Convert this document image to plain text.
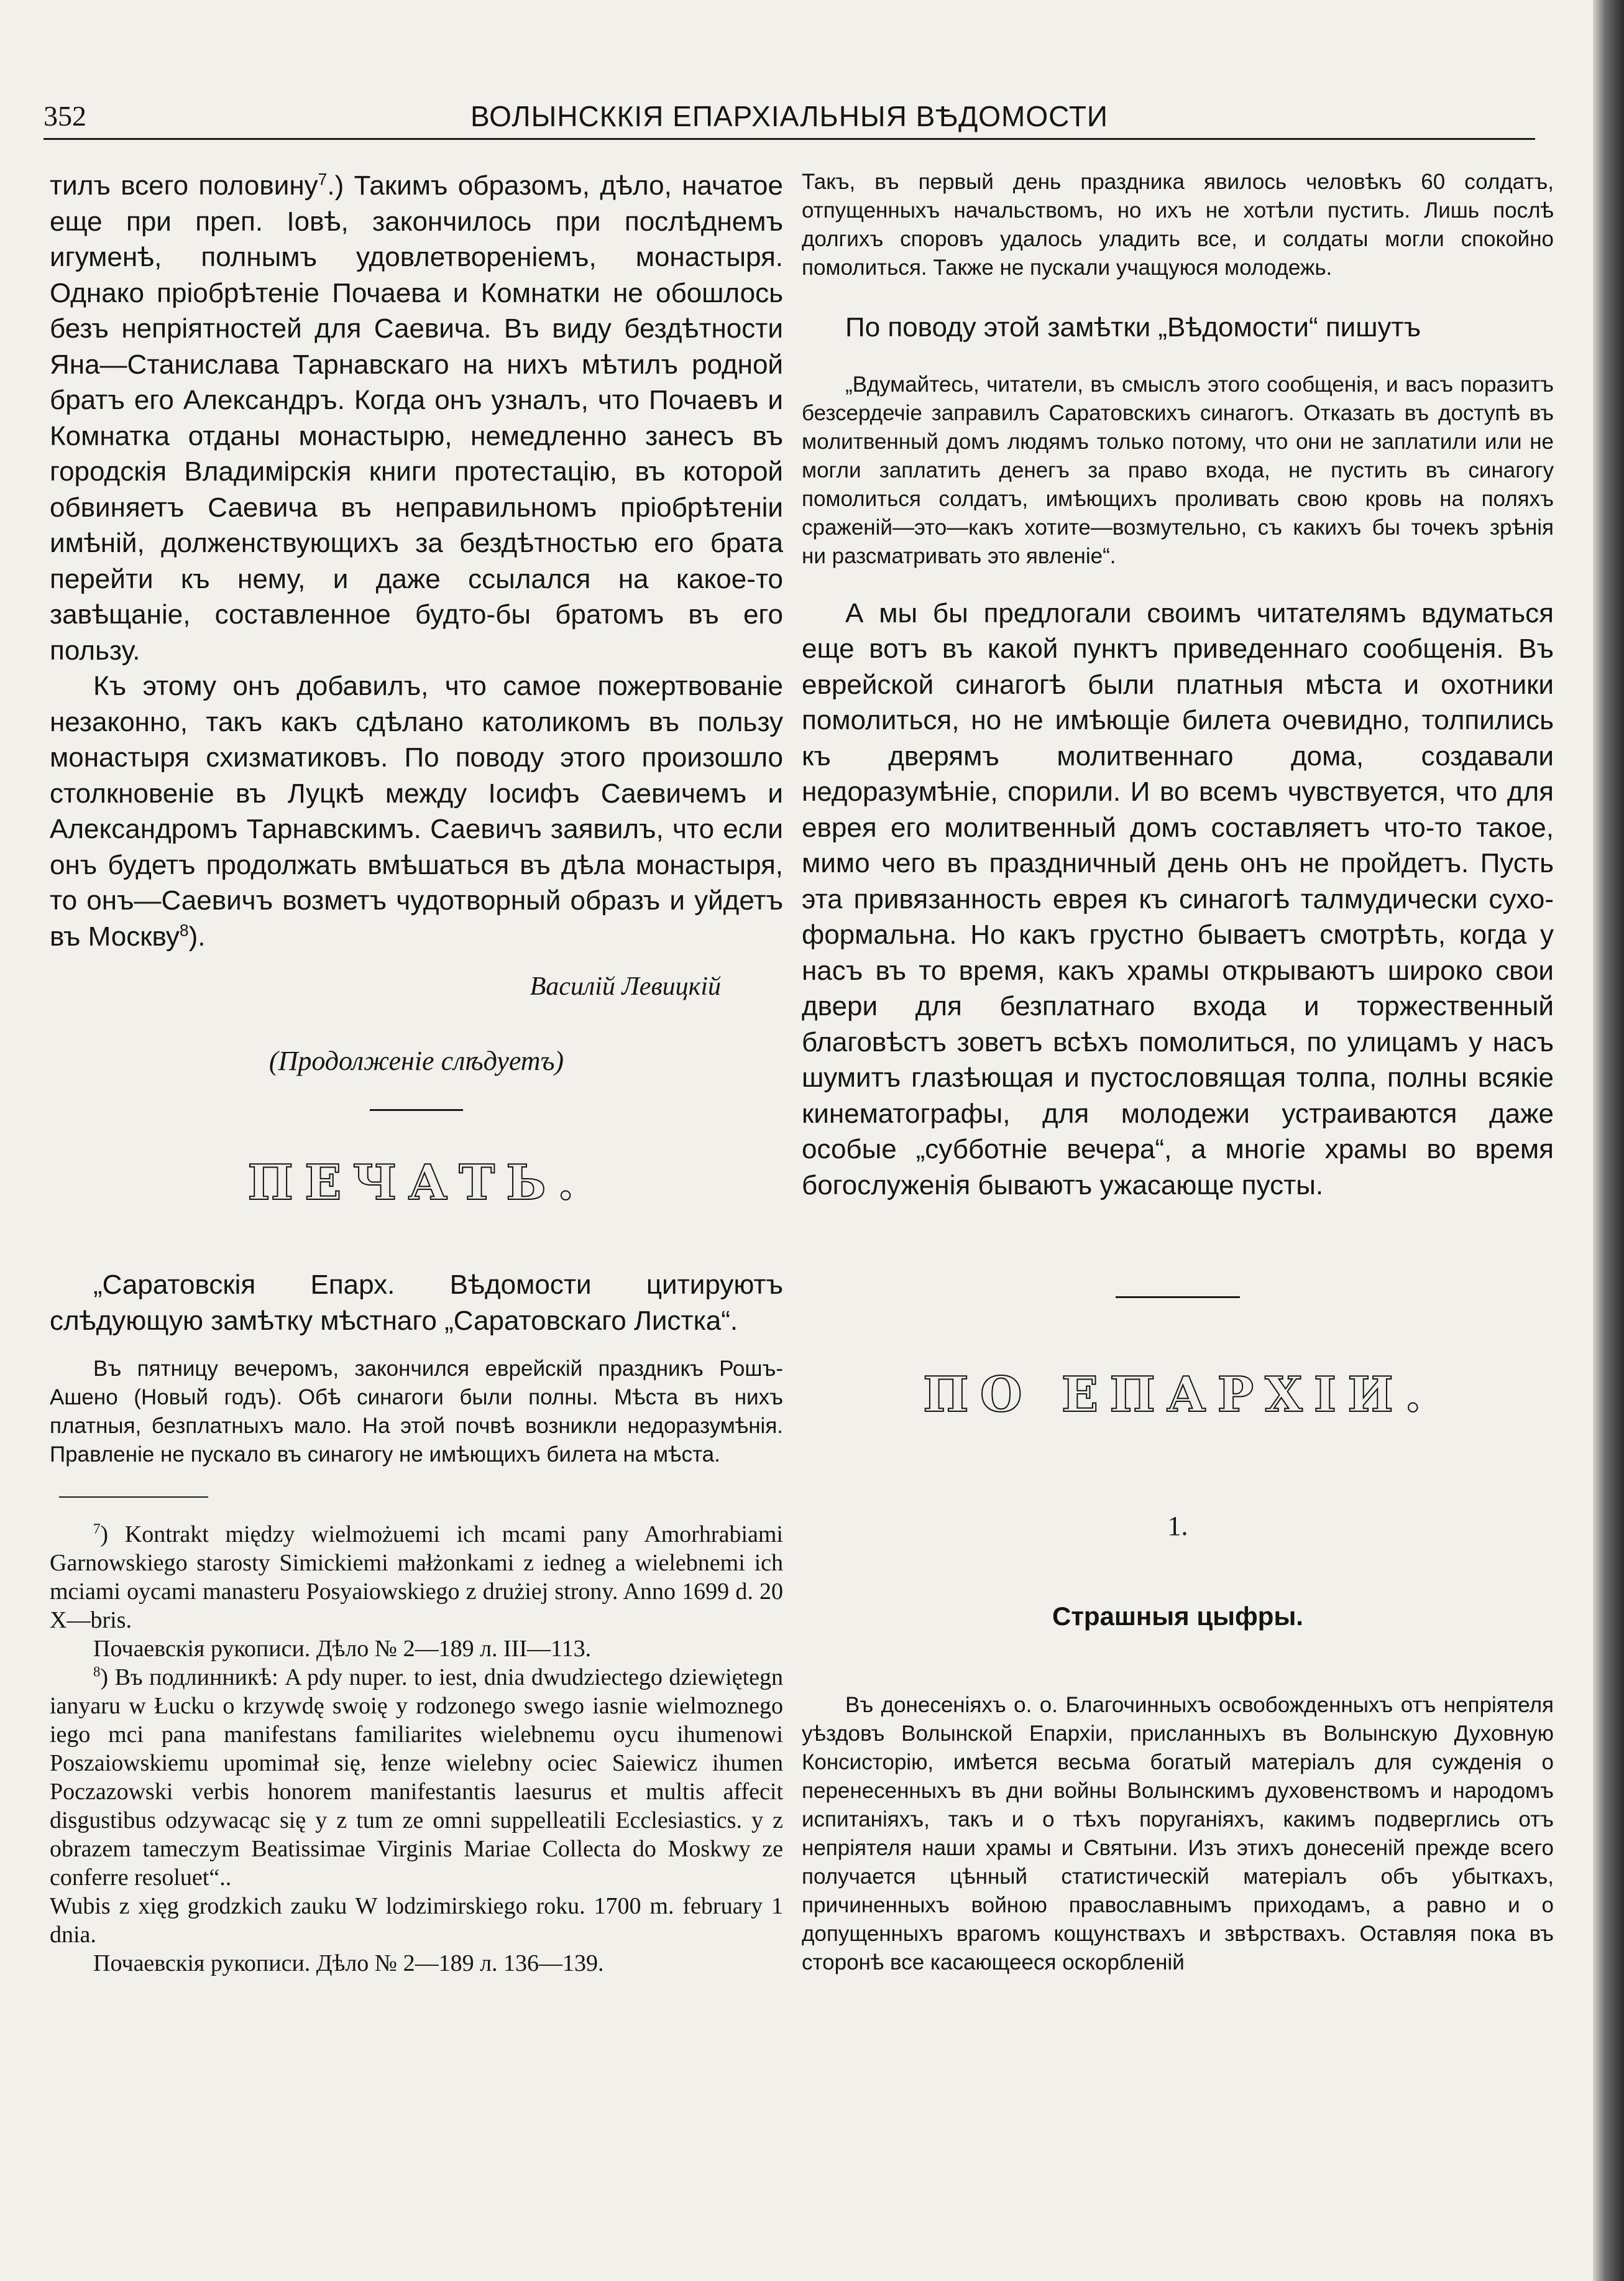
352	ВОЛЫНСККІЯ ЕПАРХІАЛЬНЫЯ ВѢДОМОСТИ

тилъ всего половину$^7$.) Такимъ образомъ, дѣло, начатое еще при преп. Іовѣ, закончилось при послѣднемъ игуменѣ, полнымъ удовлетворенiемъ, монастыря. Однако пріобрѣтеніе Почаева и Комнатки не обошлось безъ непріятностей для Саевича. Въ виду бездѣтности Яна—Станислава Тарнавскаго на нихъ мѣтилъ родной братъ его Александръ. Когда онъ узналъ, что Почаевъ и Комнатка отданы монастырю, немедленно занесъ въ городскія Владимірскія книги протестацію, въ которой обвиняетъ Саевича въ неправильномъ пріобрѣтеніи имѣній, долженствующихъ за бездѣтностью его брата перейти къ нему, и даже ссылался на какое-то завѣщаніе, составленное будто-бы братомъ въ его пользу.

Къ этому онъ добавилъ, что самое пожертвованіе незаконно, такъ какъ сдѣлано католикомъ въ пользу монастыря схизматиковъ. По поводу этого произошло столкновеніе въ Луцкѣ между Іосифъ Саевичемъ и Александромъ Тарнавскимъ. Саевичъ заявилъ, что если онъ будетъ продолжать вмѣшаться въ дѣла монастыря, то онъ—Саевичъ возметъ чудотворный образъ и уйдетъ въ Москву$^8$).

Василій Левицкій

(Продолженіе слѣдуетъ)

ПЕЧАТЬ.

„Саратовскія Епарх. Вѣдомости цитируютъ слѣдующую замѣтку мѣстнаго „Саратовскаго Листка“.

Въ пятницу вечеромъ, закончился еврейскій праздникъ Рошъ-Ашено (Новый годъ). Обѣ синагоги были полны. Мѣста въ нихъ платныя, безплатныхъ мало. На этой почвѣ возникли недоразумѣнія. Правленіе не пускало въ синагогу не имѣющихъ билета на мѣста.

$^7$) Kontrakt między wielmożuemi ich mcami pany Amorhrabiami Garnowskiego starosty Simickiemi małżonkami z iedneg a wielebnemi ich mciami oycami manasteru Posyaiowskiego z drużiej strony. Anno 1699 d. 20 X—bris.

Почаевскія рукописи. Дѣло № 2—189 л. III—113.

$^8$) Въ подлинникѣ: A pdy nuper. to iest, dnia dwudziectego dziewiętegn ianyaru w Łucku o krzywdę swoię y rodzonego swego iasnie wielmoznego iego mci pana manifestans familiarites wielebnemu oycu ihumenowi Poszaiowskiemu upomimał się, łenze wielebny ociec Saiewicz ihumen Poczazowski verbis honorem manifestantis laesurus et multis affecit disgustibus odzywacąc się y z tum ze omni suppelleatili Ecclesiastics. y z obrazem tameczym Beatissimae Virginis Mariae Collecta do Moskwy ze conferre resoluet“..

Wubis z xięg grodzkich zauku W lodzimirskiego roku. 1700 m. february 1 dnia.

Почаевскія рукописи. Дѣло № 2—189 л. 136—139.

Такъ, въ первый день праздника явилось человѣкъ 60 солдатъ, отпущенныхъ начальствомъ, но ихъ не хотѣли пустить. Лишь послѣ долгихъ споровъ удалось уладить все, и солдаты могли спокойно помолиться. Также не пускали учащуюся молодежь.

По поводу этой замѣтки „Вѣдомости“ пишутъ

„Вдумайтесь, читатели, въ смыслъ этого сообщенія, и васъ поразитъ безсердечіе заправилъ Саратовскихъ синагогъ. Отказать въ доступѣ въ молитвенный домъ людямъ только потому, что они не заплатили или не могли заплатить денегъ за право входа, не пустить въ синагогу помолиться солдатъ, имѣющихъ проливать свою кровь на поляхъ сраженій—это—какъ хотите—возмутельно, съ какихъ бы точекъ зрѣнія ни разсматривать это явленіе“.

А мы бы предлогали своимъ читателямъ вдуматься еще вотъ въ какой пунктъ приведеннаго сообщенія. Въ еврейской синагогѣ были платныя мѣста и охотники помолиться, но не имѣющіе билета очевидно, толпились къ дверямъ молитвеннаго дома, создавали недоразумѣніе, спорили. И во всемъ чувствуется, что для еврея его молитвенный домъ составляетъ что-то такое, мимо чего въ праздничный день онъ не пройдетъ. Пусть эта привязанность еврея къ синагогѣ талмудически сухо-формальна. Но какъ грустно бываетъ смотрѣть, когда у насъ въ то время, какъ храмы открываютъ широко свои двери для безплатнаго входа и торжественный благовѣстъ зоветъ всѣхъ помолиться, по улицамъ у насъ шумитъ глазѣющая и пустословящая толпа, полны всякіе кинематографы, для молодежи устраиваются даже особые „субботніе вечера“, а многіе храмы во время богослуженія бываютъ ужасающе пусты.

ПО ЕПАРХІИ.

1.

Страшныя цыфры.

Въ донесеніяхъ о. о. Благочинныхъ освобожденныхъ отъ непріятеля уѣздовъ Волынской Епархіи, присланныхъ въ Волынскую Духовную Консисторію, имѣется весьма богатый матеріалъ для сужденія о перенесенныхъ въ дни войны Волынскимъ духовенствомъ и народомъ испитаніяхъ, такъ и о тѣхъ поруганіяхъ, какимъ подверглись отъ непріятеля наши храмы и Святыни. Изъ этихъ донесеній прежде всего получается цѣнный статистическій матеріалъ объ убыткахъ, причиненныхъ войною православнымъ приходамъ, а равно и о допущенныхъ врагомъ кощунствахъ и звѣрствахъ. Оставляя пока въ сторонѣ все касающееся оскорбленій
